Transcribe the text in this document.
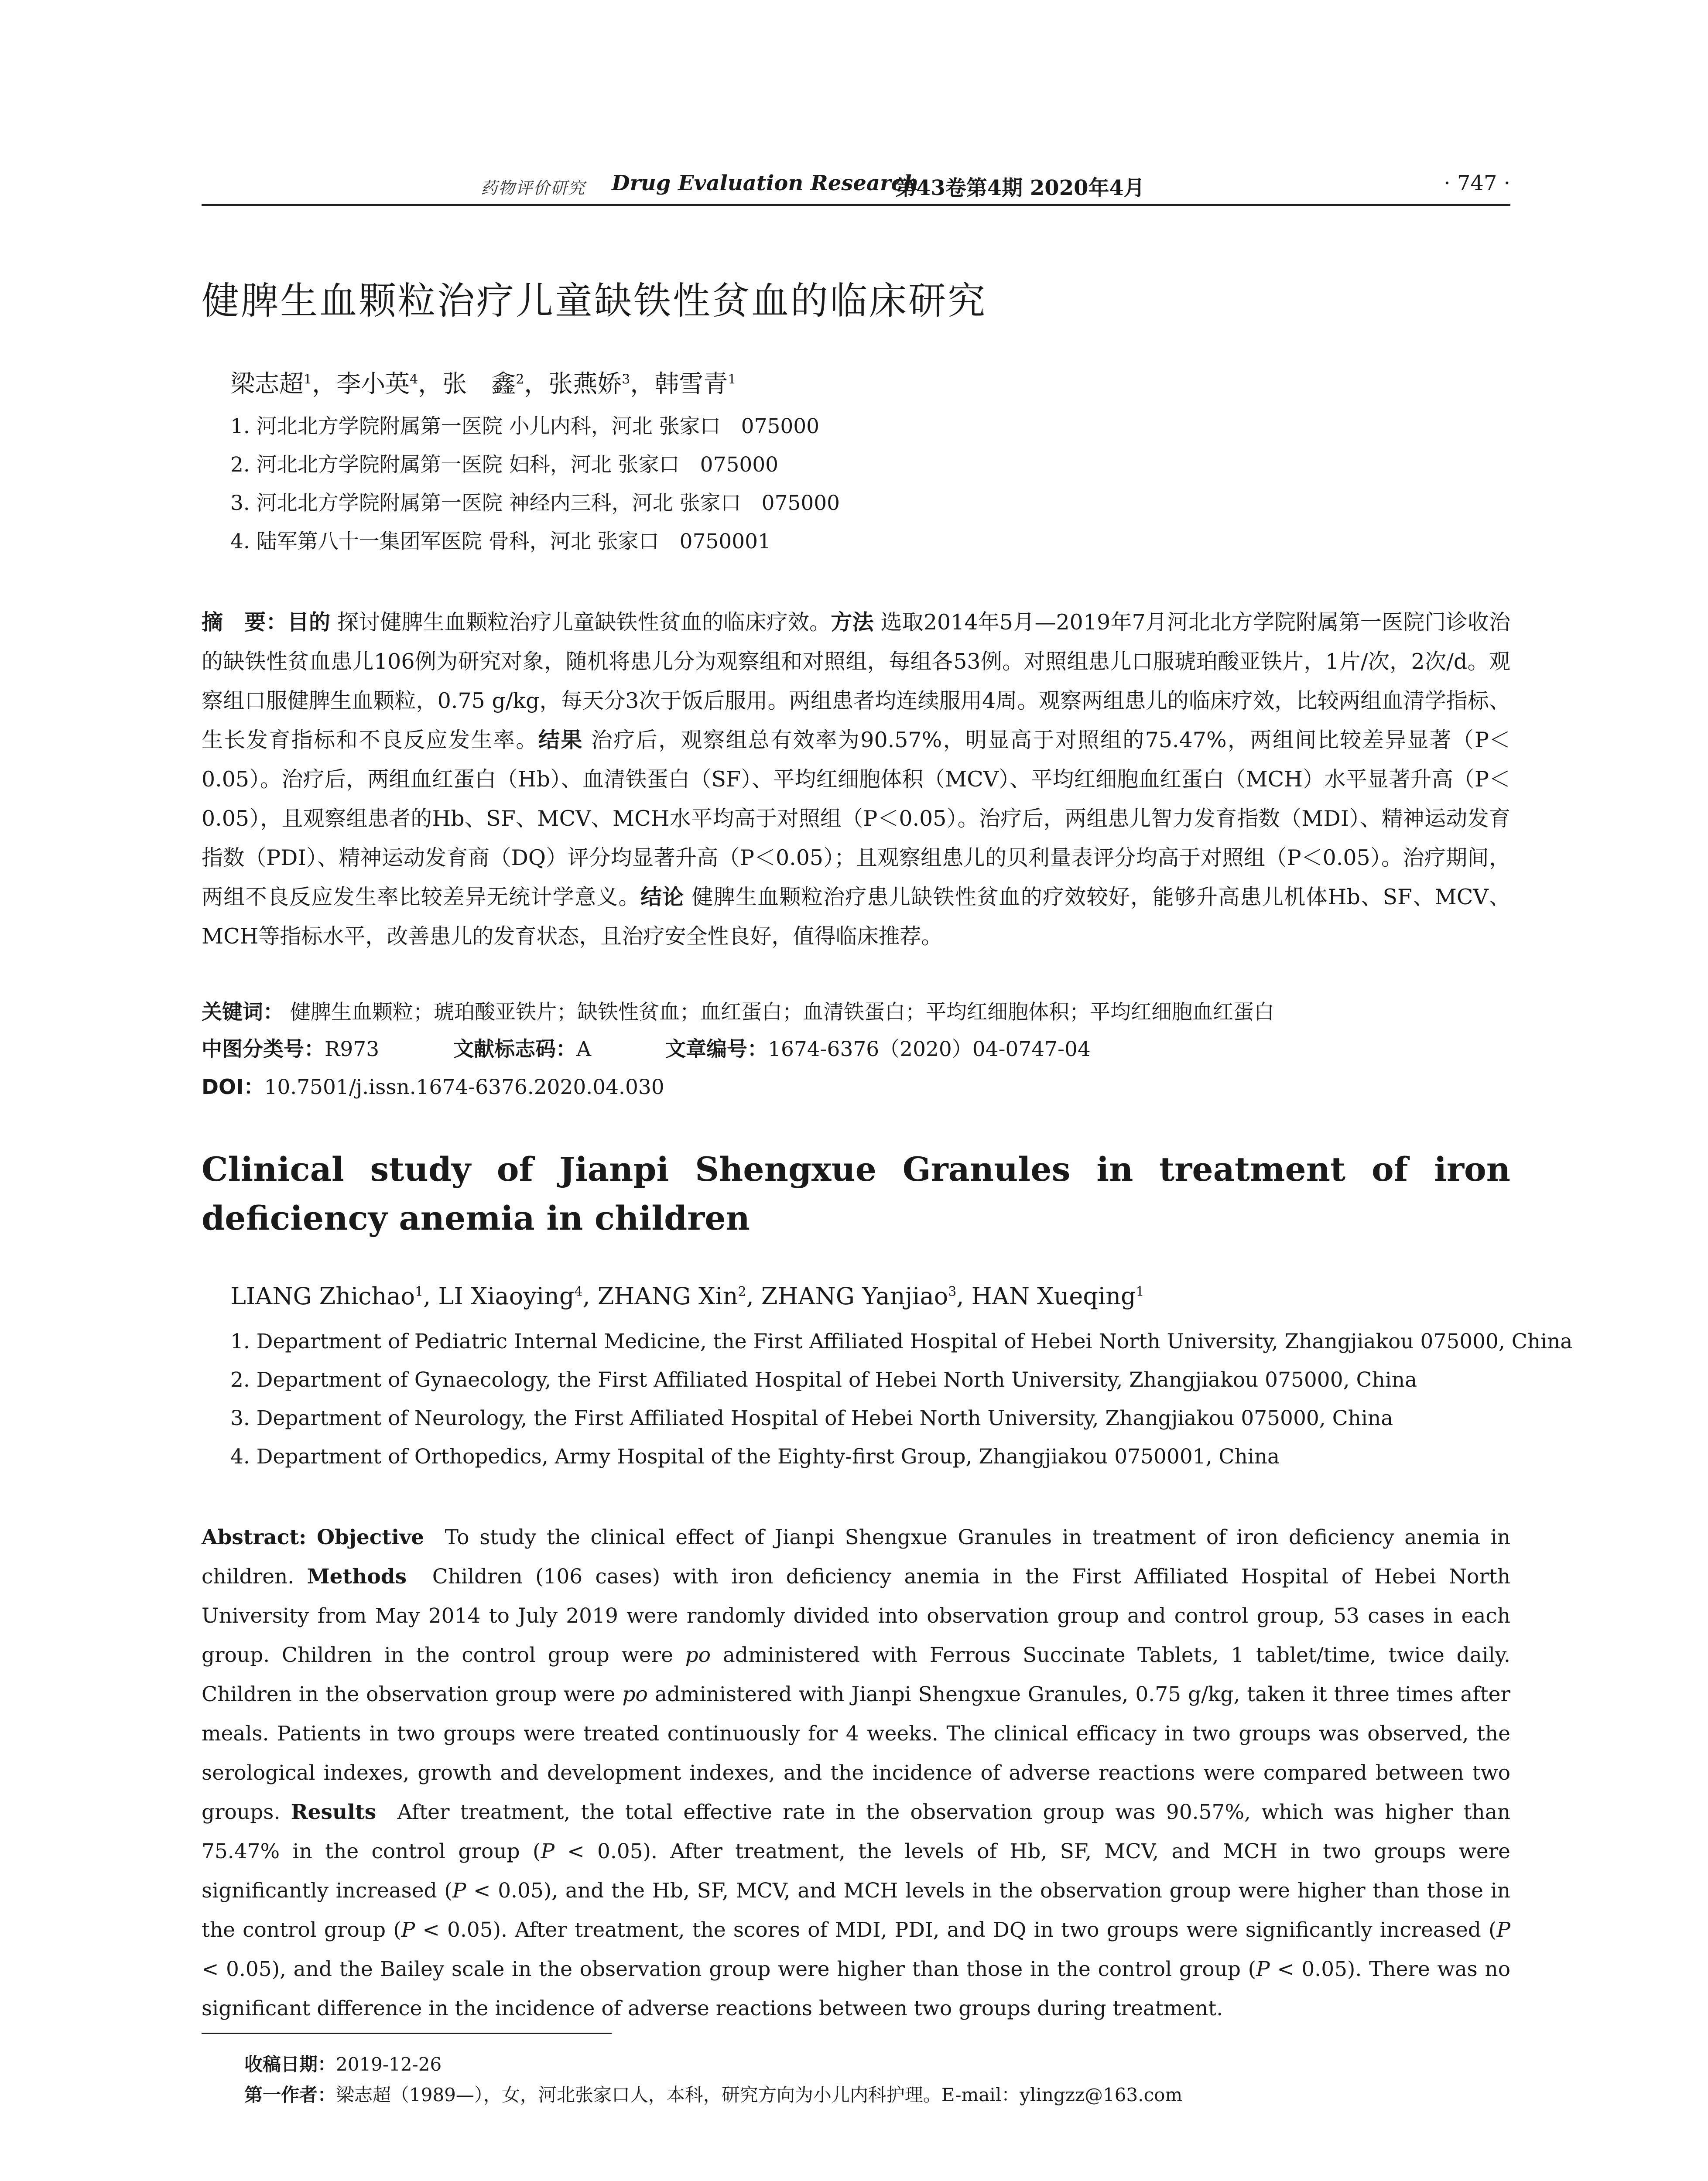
药物评价研究 Drug Evaluation Research
第43卷第4期 2020年4月	· 747 ·
健脾生血颗粒治疗儿童缺铁性贫血的临床研究
梁志超$^1$，李小英$^4$，张　鑫$^2$，张燕娇$^3$，韩雪青$^1$
1. 河北北方学院附属第一医院 小儿内科，河北 张家口　075000
2. 河北北方学院附属第一医院 妇科，河北 张家口　075000
3. 河北北方学院附属第一医院 神经内三科，河北 张家口　075000
4. 陆军第八十一集团军医院 骨科，河北 张家口　0750001
摘　要：目的 探讨健脾生血颗粒治疗儿童缺铁性贫血的临床疗效。方法 选取2014年5月—2019年7月河北北方学院附属第一医院门诊收治的缺铁性贫血患儿106例为研究对象，随机将患儿分为观察组和对照组，每组各53例。对照组患儿口服琥珀酸亚铁片，1片/次，2次/d。观察组口服健脾生血颗粒，0.75 g/kg，每天分3次于饭后服用。两组患者均连续服用4周。观察两组患儿的临床疗效，比较两组血清学指标、生长发育指标和不良反应发生率。结果 治疗后，观察组总有效率为90.57%，明显高于对照组的75.47%，两组间比较差异显著（P＜0.05）。治疗后，两组血红蛋白（Hb）、血清铁蛋白（SF）、平均红细胞体积（MCV）、平均红细胞血红蛋白（MCH）水平显著升高（P＜0.05），且观察组患者的Hb、SF、MCV、MCH水平均高于对照组（P＜0.05）。治疗后，两组患儿智力发育指数（MDI）、精神运动发育指数（PDI）、精神运动发育商（DQ）评分均显著升高（P＜0.05）；且观察组患儿的贝利量表评分均高于对照组（P＜0.05）。治疗期间，两组不良反应发生率比较差异无统计学意义。结论 健脾生血颗粒治疗患儿缺铁性贫血的疗效较好，能够升高患儿机体Hb、SF、MCV、MCH等指标水平，改善患儿的发育状态，且治疗安全性良好，值得临床推荐。
关键词： 健脾生血颗粒；琥珀酸亚铁片；缺铁性贫血；血红蛋白；血清铁蛋白；平均红细胞体积；平均红细胞血红蛋白
中图分类号：R973	文献标志码：A	文章编号：1674-6376（2020）04-0747-04
DOI：10.7501/j.issn.1674-6376.2020.04.030
Clinical study of Jianpi Shengxue Granules in treatment of iron deficiency anemia in children
LIANG Zhichao$^1$, LI Xiaoying$^4$, ZHANG Xin$^2$, ZHANG Yanjiao$^3$, HAN Xueqing$^1$
1. Department of Pediatric Internal Medicine, the First Affiliated Hospital of Hebei North University, Zhangjiakou 075000, China
2. Department of Gynaecology, the First Affiliated Hospital of Hebei North University, Zhangjiakou 075000, China
3. Department of Neurology, the First Affiliated Hospital of Hebei North University, Zhangjiakou 075000, China
4. Department of Orthopedics, Army Hospital of the Eighty-first Group, Zhangjiakou 0750001, China
Abstract: Objective To study the clinical effect of Jianpi Shengxue Granules in treatment of iron deficiency anemia in children. Methods Children (106 cases) with iron deficiency anemia in the First Affiliated Hospital of Hebei North University from May 2014 to July 2019 were randomly divided into observation group and control group, 53 cases in each group. Children in the control group were po administered with Ferrous Succinate Tablets, 1 tablet/time, twice daily. Children in the observation group were po administered with Jianpi Shengxue Granules, 0.75 g/kg, taken it three times after meals. Patients in two groups were treated continuously for 4 weeks. The clinical efficacy in two groups was observed, the serological indexes, growth and development indexes, and the incidence of adverse reactions were compared between two groups. Results After treatment, the total effective rate in the observation group was 90.57%, which was higher than 75.47% in the control group (P < 0.05). After treatment, the levels of Hb, SF, MCV, and MCH in two groups were significantly increased (P < 0.05), and the Hb, SF, MCV, and MCH levels in the observation group were higher than those in the control group (P < 0.05). After treatment, the scores of MDI, PDI, and DQ in two groups were significantly increased (P < 0.05), and the Bailey scale in the observation group were higher than those in the control group (P < 0.05). There was no significant difference in the incidence of adverse reactions between two groups during treatment.
收稿日期：2019-12-26
第一作者：梁志超（1989—），女，河北张家口人，本科，研究方向为小儿内科护理。E-mail：ylingzz@163.com
